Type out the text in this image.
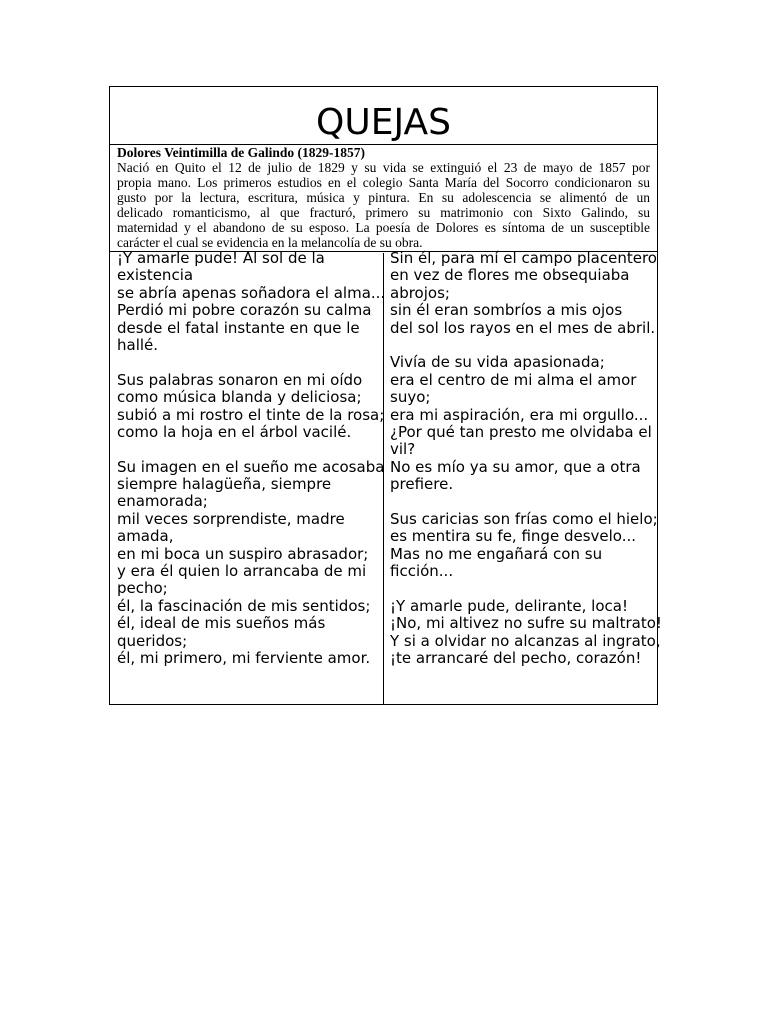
QUEJAS
Dolores Veintimilla de Galindo (1829-1857)
Nació en Quito el 12 de julio de 1829 y su vida se extinguió el 23 de mayo de 1857 por
propia mano. Los primeros estudios en el colegio Santa María del Socorro condicionaron su
gusto por la lectura, escritura, música y pintura. En su adolescencia se alimentó de un
delicado romanticismo, al que fracturó, primero su matrimonio con Sixto Galindo, su
maternidad y el abandono de su esposo. La poesía de Dolores es síntoma de un susceptible
carácter el cual se evidencia en la melancolía de su obra.
¡Y amarle pude! Al sol de la
existencia
se abría apenas soñadora el alma...
Perdió mi pobre corazón su calma
desde el fatal instante en que le
hallé.
Sus palabras sonaron en mi oído
como música blanda y deliciosa;
subió a mi rostro el tinte de la rosa;
como la hoja en el árbol vacilé.
Su imagen en el sueño me acosaba
siempre halagüeña, siempre
enamorada;
mil veces sorprendiste, madre
amada,
en mi boca un suspiro abrasador;
y era él quien lo arrancaba de mi
pecho;
él, la fascinación de mis sentidos;
él, ideal de mis sueños más
queridos;
él, mi primero, mi ferviente amor.
Sin él, para mí el campo placentero
en vez de flores me obsequiaba
abrojos;
sin él eran sombríos a mis ojos
del sol los rayos en el mes de abril.
Vivía de su vida apasionada;
era el centro de mi alma el amor
suyo;
era mi aspiración, era mi orgullo...
¿Por qué tan presto me olvidaba el
vil?
No es mío ya su amor, que a otra
prefiere.
Sus caricias son frías como el hielo;
es mentira su fe, finge desvelo...
Mas no me engañará con su
ficción...
¡Y amarle pude, delirante, loca!
¡No, mi altivez no sufre su maltrato!
Y si a olvidar no alcanzas al ingrato,
¡te arrancaré del pecho, corazón!
